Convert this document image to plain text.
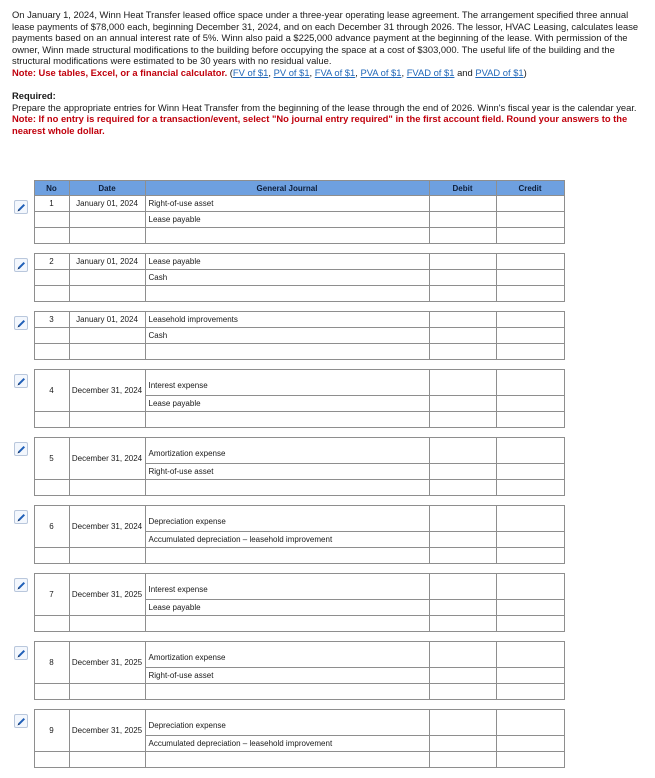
On January 1, 2024, Winn Heat Transfer leased office space under a three-year operating lease agreement. The arrangement specified three annual lease payments of $78,000 each, beginning December 31, 2024, and on each December 31 through 2026. The lessor, HVAC Leasing, calculates lease payments based on an annual interest rate of 5%. Winn also paid a $225,000 advance payment at the beginning of the lease. With permission of the owner, Winn made structural modifications to the building before occupying the space at a cost of $303,000. The useful life of the building and the structural modifications were estimated to be 30 years with no residual value.

Note: Use tables, Excel, or a financial calculator. (FV of $1, PV of $1, FVA of $1, PVA of $1, FVAD of $1 and PVAD of $1)

Required:

Prepare the appropriate entries for Winn Heat Transfer from the beginning of the lease through the end of 2026. Winn's fiscal year is the calendar year.

Note: If no entry is required for a transaction/event, select "No journal entry required" in the first account field. Round your answers to the nearest whole dollar.

	No	Date	General Journal	Debit	Credit

	1	January 01, 2024	Right-of-use asset		
			Lease payable		

	2	January 01, 2024	Lease payable		
			Cash		

	3	January 01, 2024	Leasehold improvements		
			Cash		

	4	December 31, 2024	Interest expense		
			Lease payable		

	5	December 31, 2024	Amortization expense		
			Right-of-use asset		

	6	December 31, 2024	Depreciation expense		
			Accumulated depreciation – leasehold improvement		

	7	December 31, 2025	Interest expense		
			Lease payable		

	8	December 31, 2025	Amortization expense		
			Right-of-use asset		

	9	December 31, 2025	Depreciation expense		
			Accumulated depreciation – leasehold improvement		
